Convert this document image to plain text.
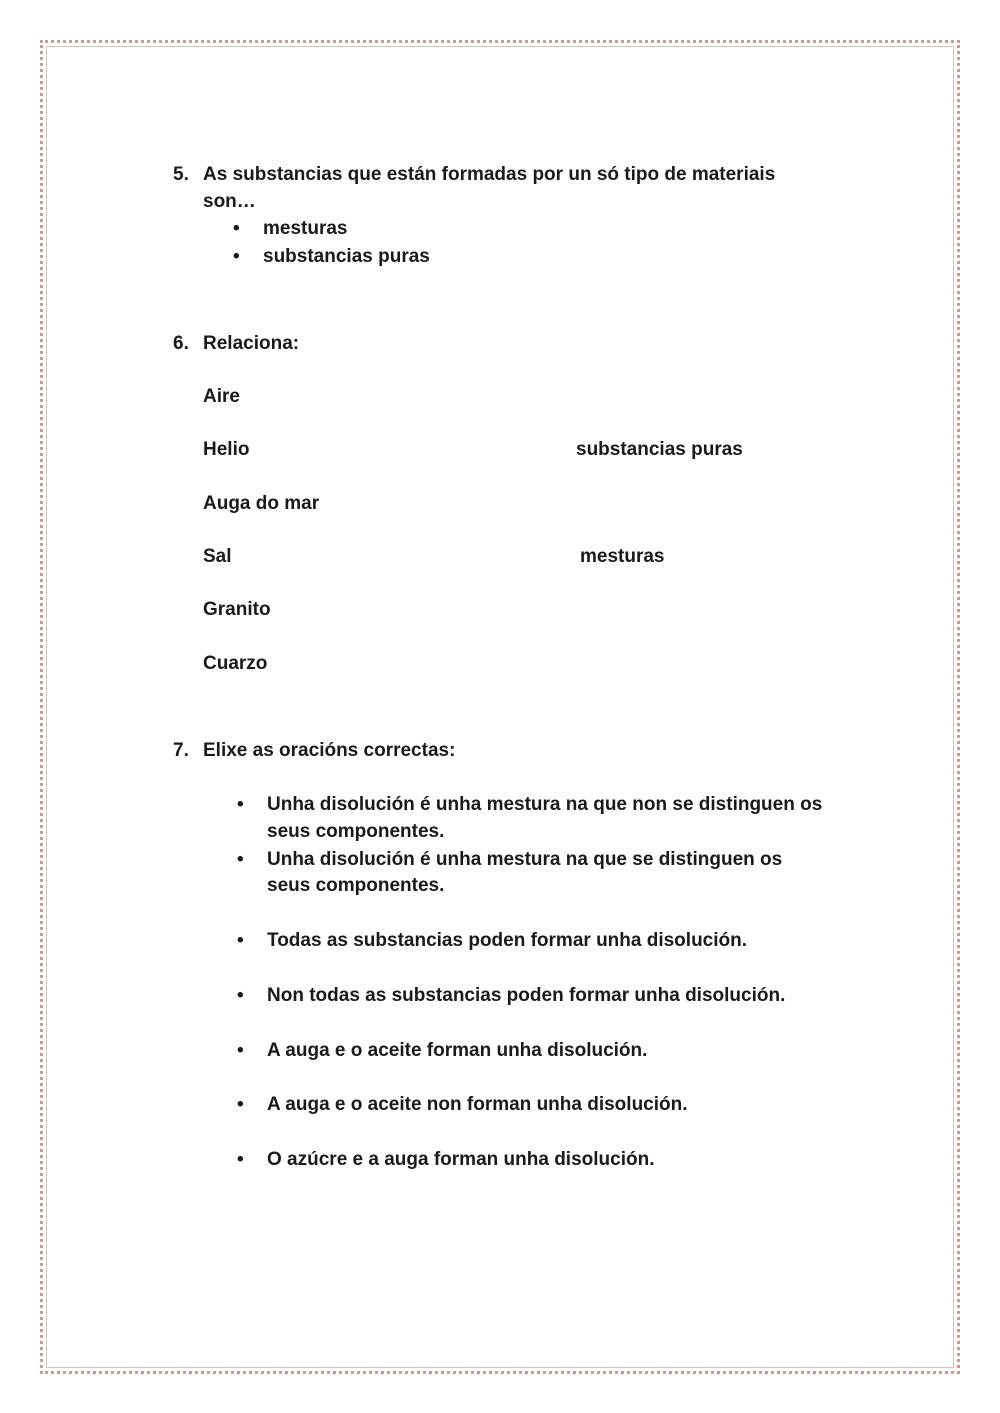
5. As substancias que están formadas por un só tipo de materiais
son…
• mesturas
• substancias puras
6. Relaciona:
Aire
Helio
Auga do mar
Sal
Granito
Cuarzo
substancias puras
mesturas
7. Elixe as oracións correctas:
• Unha disolución é unha mestura na que non se distinguen os
seus componentes.
• Unha disolución é unha mestura na que se distinguen os
seus componentes.
• Todas as substancias poden formar unha disolución.
• Non todas as substancias poden formar unha disolución.
• A auga e o aceite forman unha disolución.
• A auga e o aceite non forman unha disolución.
• O azúcre e a auga forman unha disolución.
